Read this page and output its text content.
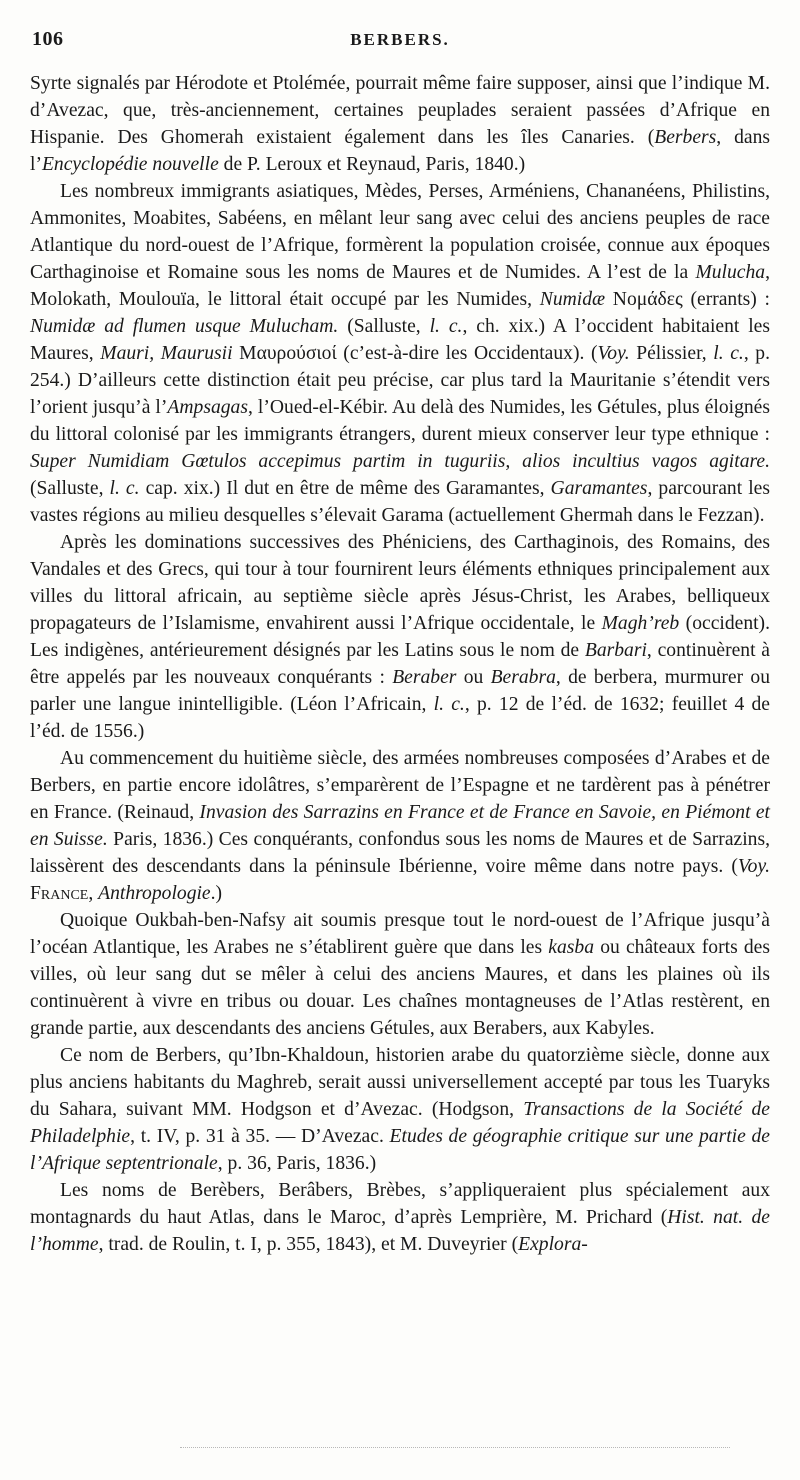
106	BERBERS.

Syrte signalés par Hérodote et Ptolémée, pourrait même faire supposer, ainsi que l’indique M. d’Avezac, que, très-anciennement, certaines peuplades seraient passées d’Afrique en Hispanie. Des Ghomerah existaient également dans les îles Canaries. (Berbers, dans l’Encyclopédie nouvelle de P. Leroux et Reynaud, Paris, 1840.)

Les nombreux immigrants asiatiques, Mèdes, Perses, Arméniens, Chananéens, Philistins, Ammonites, Moabites, Sabéens, en mêlant leur sang avec celui des anciens peuples de race Atlantique du nord-ouest de l’Afrique, formèrent la population croisée, connue aux époques Carthaginoise et Romaine sous les noms de Maures et de Numides. A l’est de la Mulucha, Molokath, Moulouïa, le littoral était occupé par les Numides, Numidæ Νομάδες (errants) : Numidæ ad flumen usque Mulucham. (Salluste, l. c., ch. xix.) A l’occident habitaient les Maures, Mauri, Maurusii Μαυρούσιοί (c’est-à-dire les Occidentaux). (Voy. Pélissier, l. c., p. 254.) D’ailleurs cette distinction était peu précise, car plus tard la Mauritanie s’étendit vers l’orient jusqu’à l’Ampsagas, l’Oued-el-Kébir. Au delà des Numides, les Gétules, plus éloignés du littoral colonisé par les immigrants étrangers, durent mieux conserver leur type ethnique : Super Numidiam Gœtulos accepimus partim in tuguriis, alios incultius vagos agitare. (Salluste, l. c. cap. xix.) Il dut en être de même des Garamantes, Garamantes, parcourant les vastes régions au milieu desquelles s’élevait Garama (actuellement Ghermah dans le Fezzan).

Après les dominations successives des Phéniciens, des Carthaginois, des Romains, des Vandales et des Grecs, qui tour à tour fournirent leurs éléments ethniques principalement aux villes du littoral africain, au septième siècle après Jésus-Christ, les Arabes, belliqueux propagateurs de l’Islamisme, envahirent aussi l’Afrique occidentale, le Magh’reb (occident). Les indigènes, antérieurement désignés par les Latins sous le nom de Barbari, continuèrent à être appelés par les nouveaux conquérants : Beraber ou Berabra, de berbera, murmurer ou parler une langue inintelligible. (Léon l’Africain, l. c., p. 12 de l’éd. de 1632; feuillet 4 de l’éd. de 1556.)

Au commencement du huitième siècle, des armées nombreuses composées d’Arabes et de Berbers, en partie encore idolâtres, s’emparèrent de l’Espagne et ne tardèrent pas à pénétrer en France. (Reinaud, Invasion des Sarrazins en France et de France en Savoie, en Piémont et en Suisse. Paris, 1836.) Ces conquérants, confondus sous les noms de Maures et de Sarrazins, laissèrent des descendants dans la péninsule Ibérienne, voire même dans notre pays. (Voy. France, Anthropologie.)

Quoique Oukbah-ben-Nafsy ait soumis presque tout le nord-ouest de l’Afrique jusqu’à l’océan Atlantique, les Arabes ne s’établirent guère que dans les kasba ou châteaux forts des villes, où leur sang dut se mêler à celui des anciens Maures, et dans les plaines où ils continuèrent à vivre en tribus ou douar. Les chaînes montagneuses de l’Atlas restèrent, en grande partie, aux descendants des anciens Gétules, aux Berabers, aux Kabyles.

Ce nom de Berbers, qu’Ibn-Khaldoun, historien arabe du quatorzième siècle, donne aux plus anciens habitants du Maghreb, serait aussi universellement accepté par tous les Tuaryks du Sahara, suivant MM. Hodgson et d’Avezac. (Hodgson, Transactions de la Société de Philadelphie, t. IV, p. 31 à 35. — D’Avezac. Etudes de géographie critique sur une partie de l’Afrique septentrionale, p. 36, Paris, 1836.)

Les noms de Berèbers, Berâbers, Brèbes, s’appliqueraient plus spécialement aux montagnards du haut Atlas, dans le Maroc, d’après Lemprière, M. Prichard (Hist. nat. de l’homme, trad. de Roulin, t. I, p. 355, 1843), et M. Duveyrier (Explora-
